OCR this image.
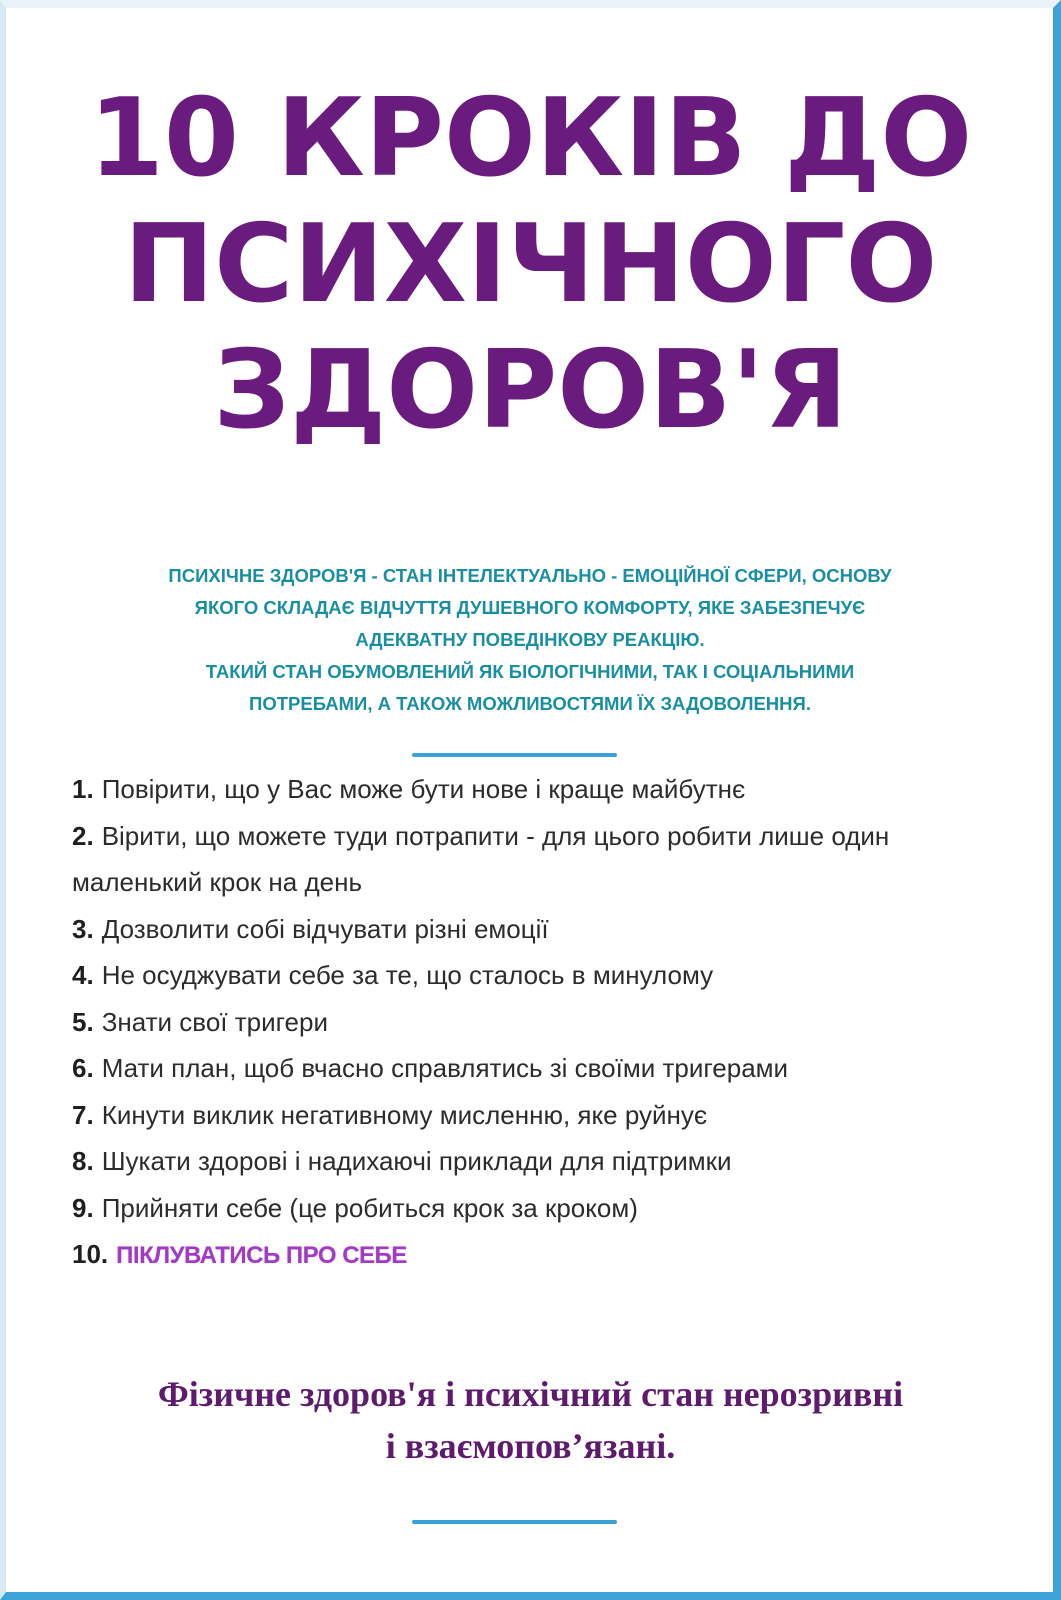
10 КРОКІВ ДО
ПСИХІЧНОГО
ЗДОРОВ'Я

ПСИХІЧНЕ ЗДОРОВ'Я - СТАН ІНТЕЛЕКТУАЛЬНО - ЕМОЦІЙНОЇ СФЕРИ, ОСНОВУ
ЯКОГО СКЛАДАЄ ВІДЧУТТЯ ДУШЕВНОГО КОМФОРТУ, ЯКЕ ЗАБЕЗПЕЧУЄ
АДЕКВАТНУ ПОВЕДІНКОВУ РЕАКЦІЮ.
ТАКИЙ СТАН ОБУМОВЛЕНИЙ ЯК БІОЛОГІЧНИМИ, ТАК І СОЦІАЛЬНИМИ
ПОТРЕБАМИ, А ТАКОЖ МОЖЛИВОСТЯМИ ЇХ ЗАДОВОЛЕННЯ.

1. Повірити, що у Вас може бути нове і краще майбутнє
2. Вірити, що можете туди потрапити - для цього робити лише один маленький крок на день
3. Дозволити собі відчувати різні емоції
4. Не осуджувати себе за те, що сталось в минулому
5. Знати свої тригери
6. Мати план, щоб вчасно справлятись зі своїми тригерами
7. Кинути виклик негативному мисленню, яке руйнує
8. Шукати здорові і надихаючі приклади для підтримки
9. Прийняти себе (це робиться крок за кроком)
10. ПІКЛУВАТИСЬ ПРО СЕБЕ

Фізичне здоров'я і психічний стан нерозривні
і взаємопов’язані.
